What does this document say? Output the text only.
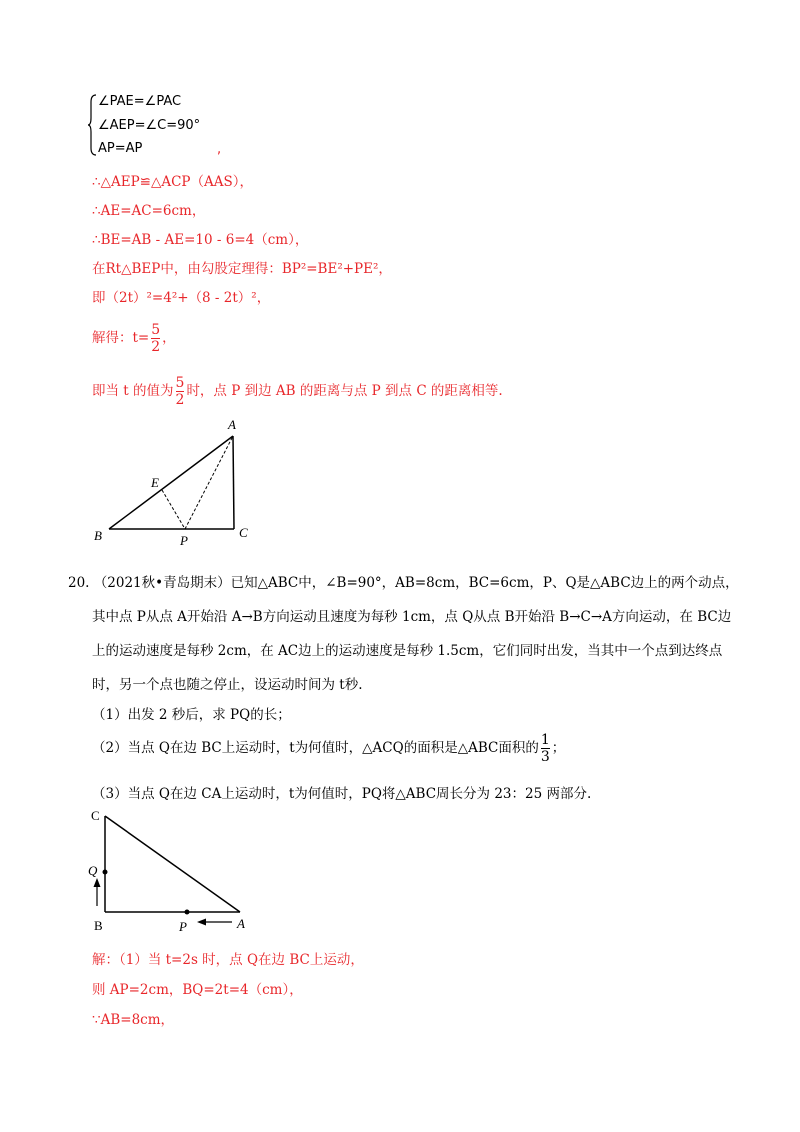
∠PAE=∠PAC
∠AEP=∠C=90°
AP=AP	,
∴△AEP≌△ACP（AAS），
∴AE=AC=6cm，
∴BE=AB - AE=10 - 6=4（cm），
在Rt△BEP中，由勾股定理得：BP²=BE²+PE²，
即（2t）²=4²+（8 - 2t）²，
解得：$t= \frac{5}{2}$ ，
即当 t 的值为 $\frac{5}{2}$ 时，点 P 到边 AB 的距离与点 P 到点 C 的距离相等.
A
E
B	P
C
20. （2021秋•青岛期末）已知△ABC中，∠B=90°，AB=8cm，BC=6cm，P、Q是△ABC边上的两个动点，
其中点 P从点 A开始沿 A→B方向运动且速度为每秒 1cm，点 Q从点 B开始沿 B→C→A方向运动，在 BC边
上的运动速度是每秒 2cm，在 AC边上的运动速度是每秒 1.5cm，它们同时出发，当其中一个点到达终点
时，另一个点也随之停止，设运动时间为 t秒.
（1）出发 2 秒后，求 PQ的长；
（2）当点 Q在边 BC上运动时，t为何值时，△ACQ的面积是△ABC面积的 $\frac{1}{3}$ ；
（3）当点 Q在边 CA上运动时，t为何值时，PQ将△ABC周长分为 23：25 两部分.
C
Q
B	P	A
解：（1）当 t=2s 时，点 Q在边 BC上运动，
则 AP=2cm，BQ=2t=4（cm），
∵AB=8cm，
